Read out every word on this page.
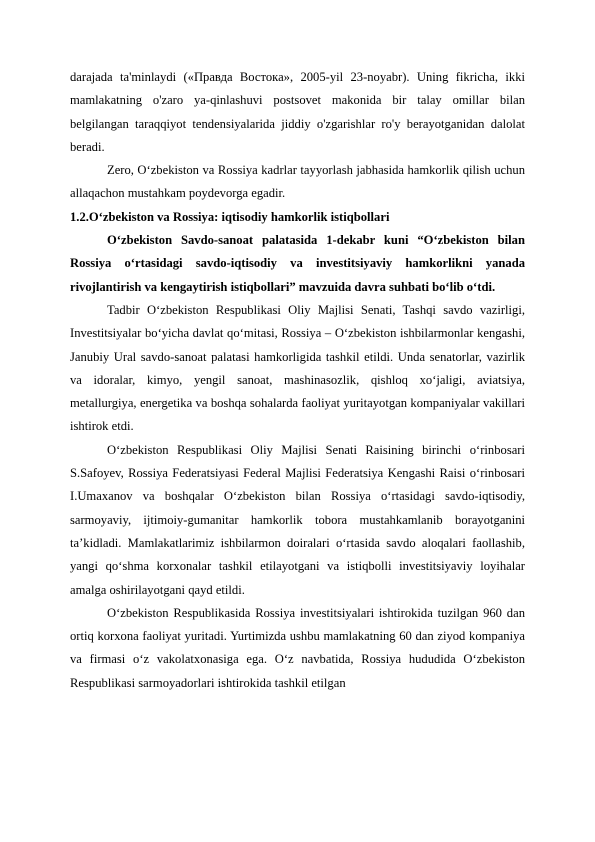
darajada ta'minlaydi («Правда Востока», 2005-yil 23-noyabr). Uning fikricha, ikki mamlakatning o'zaro ya-qinlashuvi postsovet makonida bir talay omillar bilan belgilangan taraqqiyot tendensiyalarida jiddiy o'zgarishlar ro'y berayotganidan dalolat beradi.

Zero, O‘zbekiston va Rossiya kadrlar tayyorlash jabhasida hamkorlik qilish uchun allaqachon mustahkam poydevorga egadir.

1.2.O‘zbekiston va Rossiya: iqtisodiy hamkorlik istiqbollari

O‘zbekiston Savdo-sanoat palatasida 1-dekabr kuni “O‘zbekiston bilan Rossiya o‘rtasidagi savdo-iqtisodiy va investitsiyaviy hamkorlikni yanada rivojlantirish va kengaytirish istiqbollari” mavzuida davra suhbati bo‘lib o‘tdi.

Tadbir O‘zbekiston Respublikasi Oliy Majlisi Senati, Tashqi savdo vazirligi, Investitsiyalar bo‘yicha davlat qo‘mitasi, Rossiya – O‘zbekiston ishbilarmonlar kengashi, Janubiy Ural savdo-sanoat palatasi hamkorligida tashkil etildi. Unda senatorlar, vazirlik va idoralar, kimyo, yengil sanoat, mashinasozlik, qishloq xo‘jaligi, aviatsiya, metallurgiya, energetika va boshqa sohalarda faoliyat yuritayotgan kompaniyalar vakillari ishtirok etdi.

O‘zbekiston Respublikasi Oliy Majlisi Senati Raisining birinchi o‘rinbosari S.Safoyev, Rossiya Federatsiyasi Federal Majlisi Federatsiya Kengashi Raisi o‘rinbosari I.Umaxanov va boshqalar O‘zbekiston bilan Rossiya o‘rtasidagi savdo-iqtisodiy, sarmoyaviy, ijtimoiy-gumanitar hamkorlik tobora mustahkamlanib borayotganini ta’kidladi. Mamlakatlarimiz ishbilarmon doiralari o‘rtasida savdo aloqalari faollashib, yangi qo‘shma korxonalar tashkil etilayotgani va istiqbolli investitsiyaviy loyihalar amalga oshirilayotgani qayd etildi.

O‘zbekiston Respublikasida Rossiya investitsiyalari ishtirokida tuzilgan 960 dan ortiq korxona faoliyat yuritadi. Yurtimizda ushbu mamlakatning 60 dan ziyod kompaniya va firmasi o‘z vakolatxonasiga ega. O‘z navbatida, Rossiya hududida O‘zbekiston Respublikasi sarmoyadorlari ishtirokida tashkil etilgan
